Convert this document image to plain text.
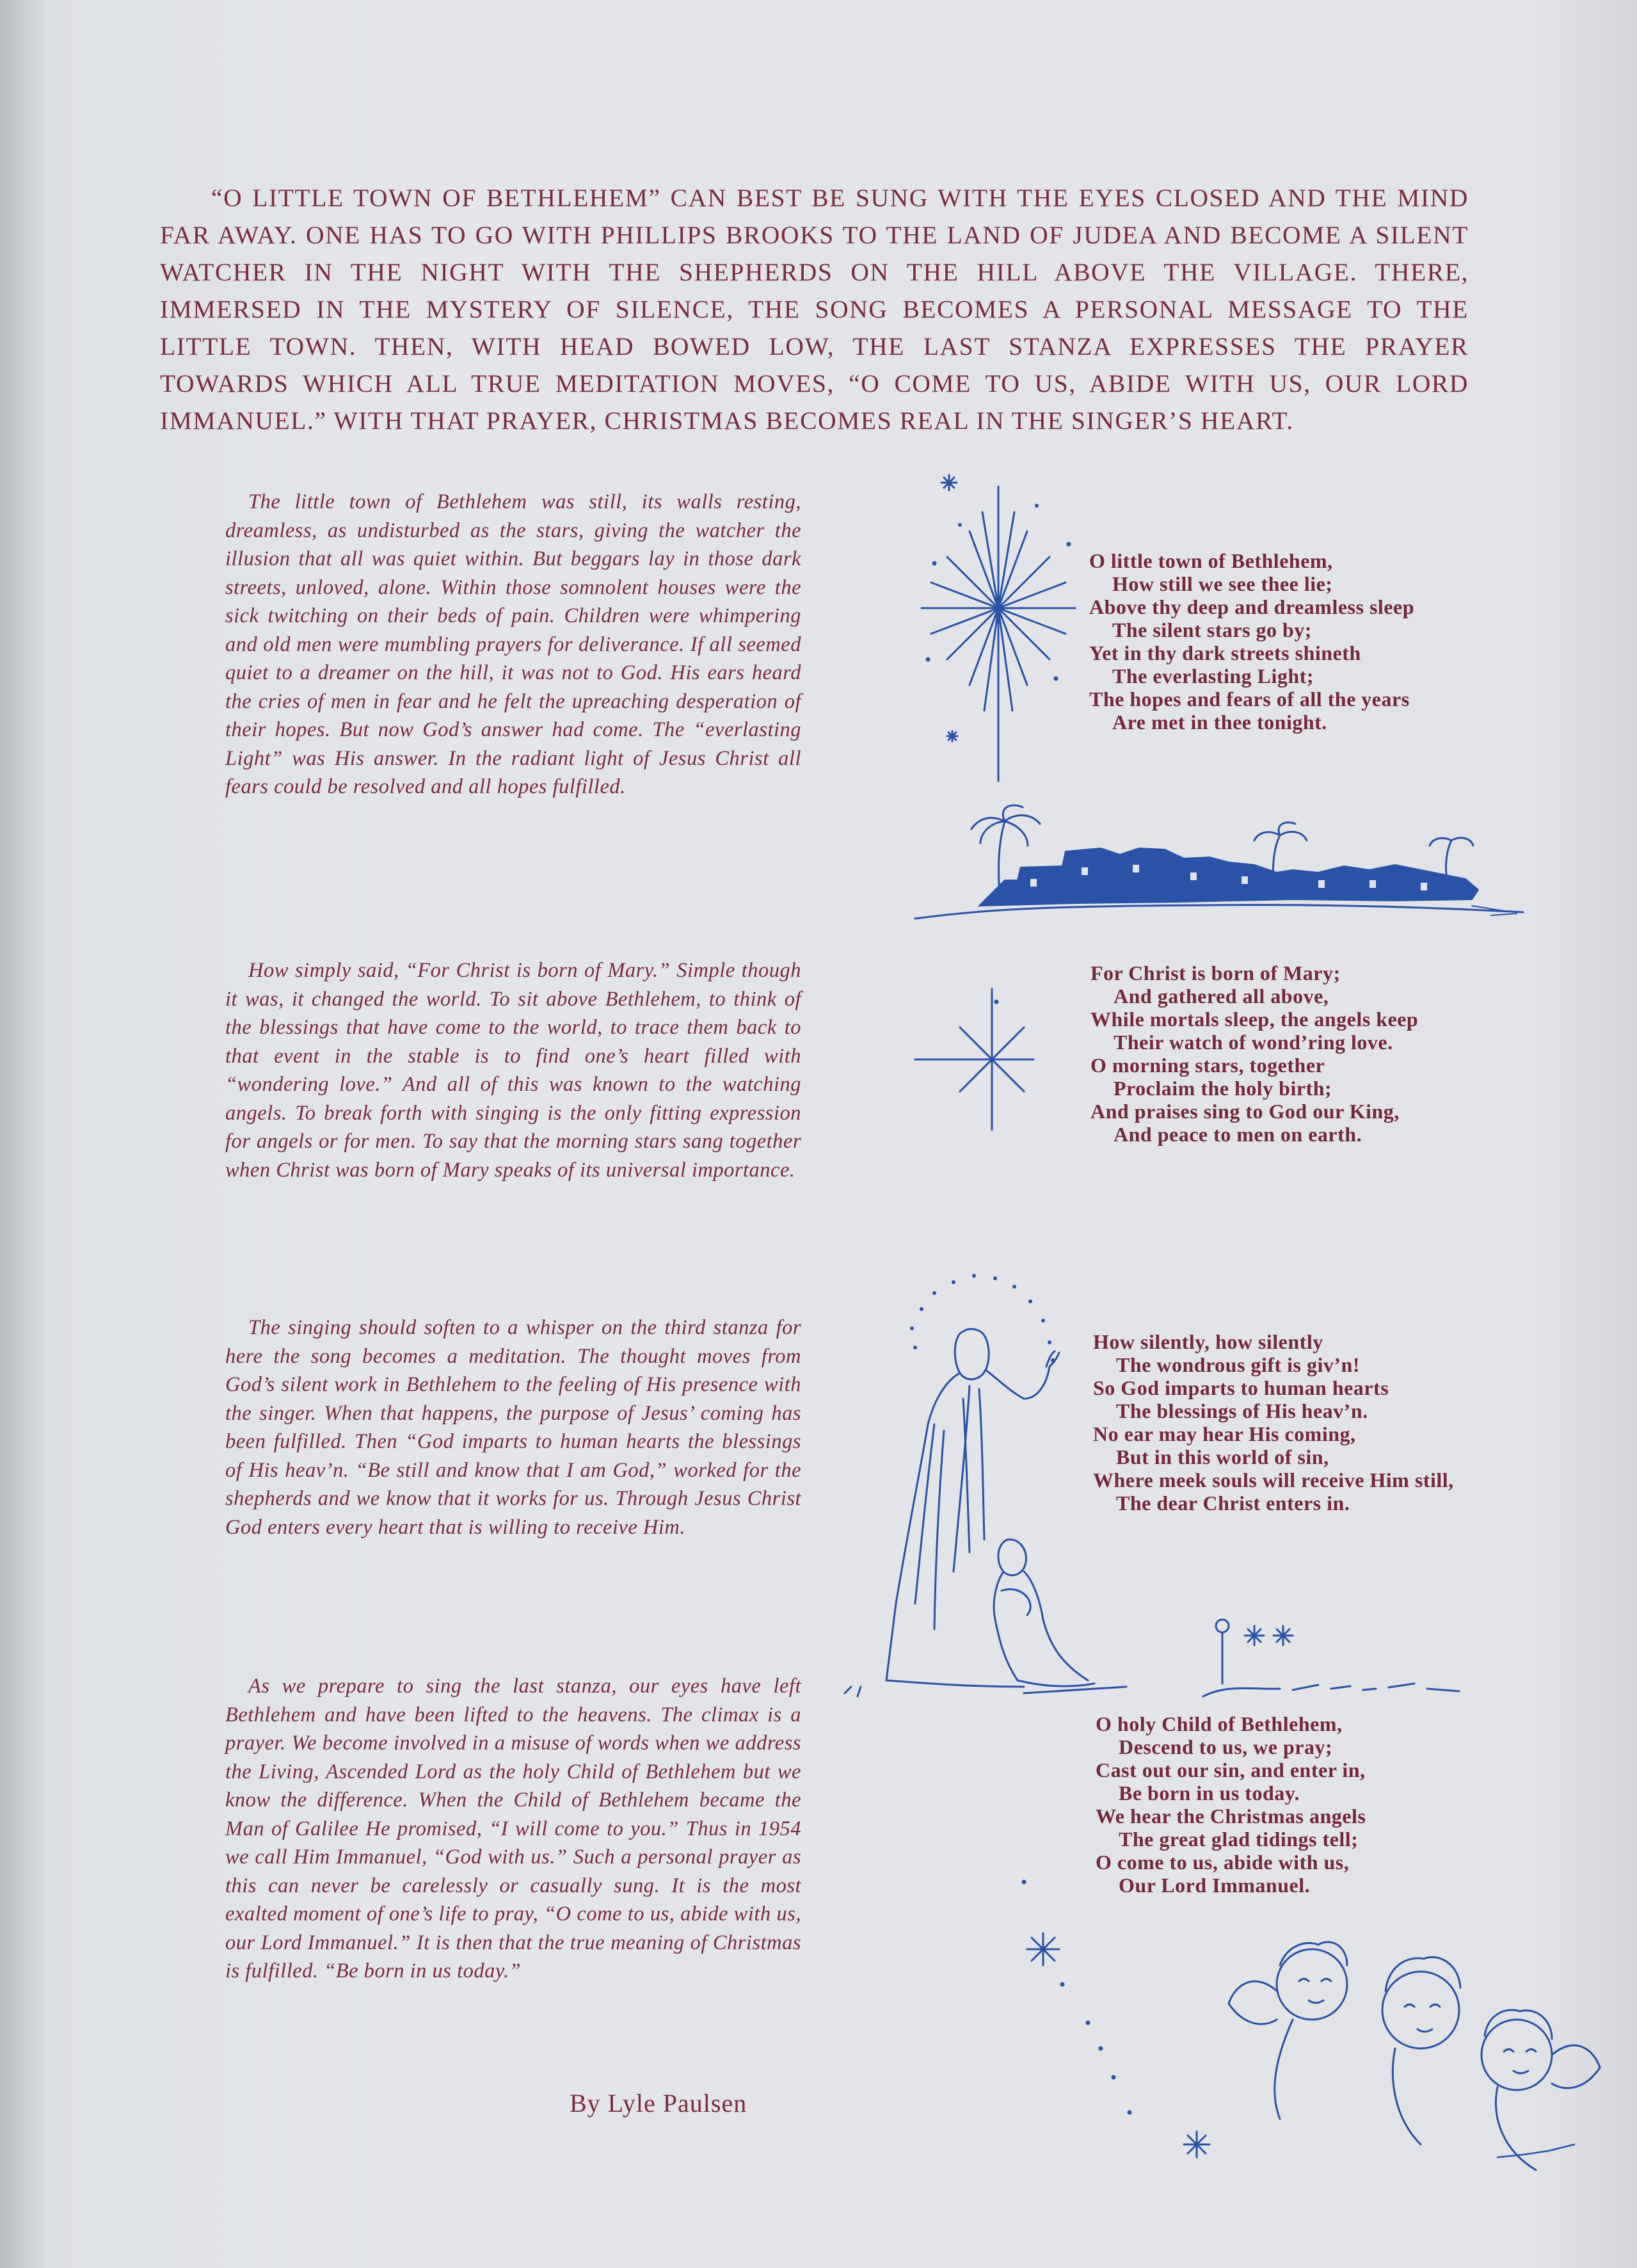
“O LITTLE TOWN OF BETHLEHEM” CAN BEST BE SUNG WITH THE EYES CLOSED AND THE MIND FAR AWAY. ONE HAS TO GO WITH PHILLIPS BROOKS TO THE LAND OF JUDEA AND BECOME A SILENT WATCHER IN THE NIGHT WITH THE SHEPHERDS ON THE HILL ABOVE THE VILLAGE. THERE, IMMERSED IN THE MYSTERY OF SILENCE, THE SONG BECOMES A PERSONAL MESSAGE TO THE LITTLE TOWN. THEN, WITH HEAD BOWED LOW, THE LAST STANZA EXPRESSES THE PRAYER TOWARDS WHICH ALL TRUE MEDITATION MOVES, “O COME TO US, ABIDE WITH US, OUR LORD IMMANUEL.” WITH THAT PRAYER, CHRISTMAS BECOMES REAL IN THE SINGER’S HEART.

The little town of Bethlehem was still, its walls resting, dreamless, as undisturbed as the stars, giving the watcher the illusion that all was quiet within. But beggars lay in those dark streets, unloved, alone. Within those somnolent houses were the sick twitching on their beds of pain. Children were whimpering and old men were mumbling prayers for deliverance. If all seemed quiet to a dreamer on the hill, it was not to God. His ears heard the cries of men in fear and he felt the upreaching desperation of their hopes. But now God’s answer had come. The “everlasting Light” was His answer. In the radiant light of Jesus Christ all fears could be resolved and all hopes fulfilled.

How simply said, “For Christ is born of Mary.” Simple though it was, it changed the world. To sit above Bethlehem, to think of the blessings that have come to the world, to trace them back to that event in the stable is to find one’s heart filled with “wondering love.” And all of this was known to the watching angels. To break forth with singing is the only fitting expression for angels or for men. To say that the morning stars sang together when Christ was born of Mary speaks of its universal importance.

The singing should soften to a whisper on the third stanza for here the song becomes a meditation. The thought moves from God’s silent work in Bethlehem to the feeling of His presence with the singer. When that happens, the purpose of Jesus’ coming has been fulfilled. Then “God imparts to human hearts the blessings of His heav’n. “Be still and know that I am God,” worked for the shepherds and we know that it works for us. Through Jesus Christ God enters every heart that is willing to receive Him.

As we prepare to sing the last stanza, our eyes have left Bethlehem and have been lifted to the heavens. The climax is a prayer. We become involved in a misuse of words when we address the Living, Ascended Lord as the holy Child of Bethlehem but we know the difference. When the Child of Bethlehem became the Man of Galilee He promised, “I will come to you.” Thus in 1954 we call Him Immanuel, “God with us.” Such a personal prayer as this can never be carelessly or casually sung. It is the most exalted moment of one’s life to pray, “O come to us, abide with us, our Lord Immanuel.” It is then that the true meaning of Christmas is fulfilled. “Be born in us today.”

By Lyle Paulsen

O little town of Bethlehem,
How still we see thee lie;
Above thy deep and dreamless sleep
The silent stars go by;
Yet in thy dark streets shineth
The everlasting Light;
The hopes and fears of all the years
Are met in thee tonight.
For Christ is born of Mary;
And gathered all above,
While mortals sleep, the angels keep
Their watch of wond’ring love.
O morning stars, together
Proclaim the holy birth;
And praises sing to God our King,
And peace to men on earth.
How silently, how silently
The wondrous gift is giv’n!
So God imparts to human hearts
The blessings of His heav’n.
No ear may hear His coming,
But in this world of sin,
Where meek souls will receive Him still,
The dear Christ enters in.
O holy Child of Bethlehem,
Descend to us, we pray;
Cast out our sin, and enter in,
Be born in us today.
We hear the Christmas angels
The great glad tidings tell;
O come to us, abide with us,
Our Lord Immanuel.
